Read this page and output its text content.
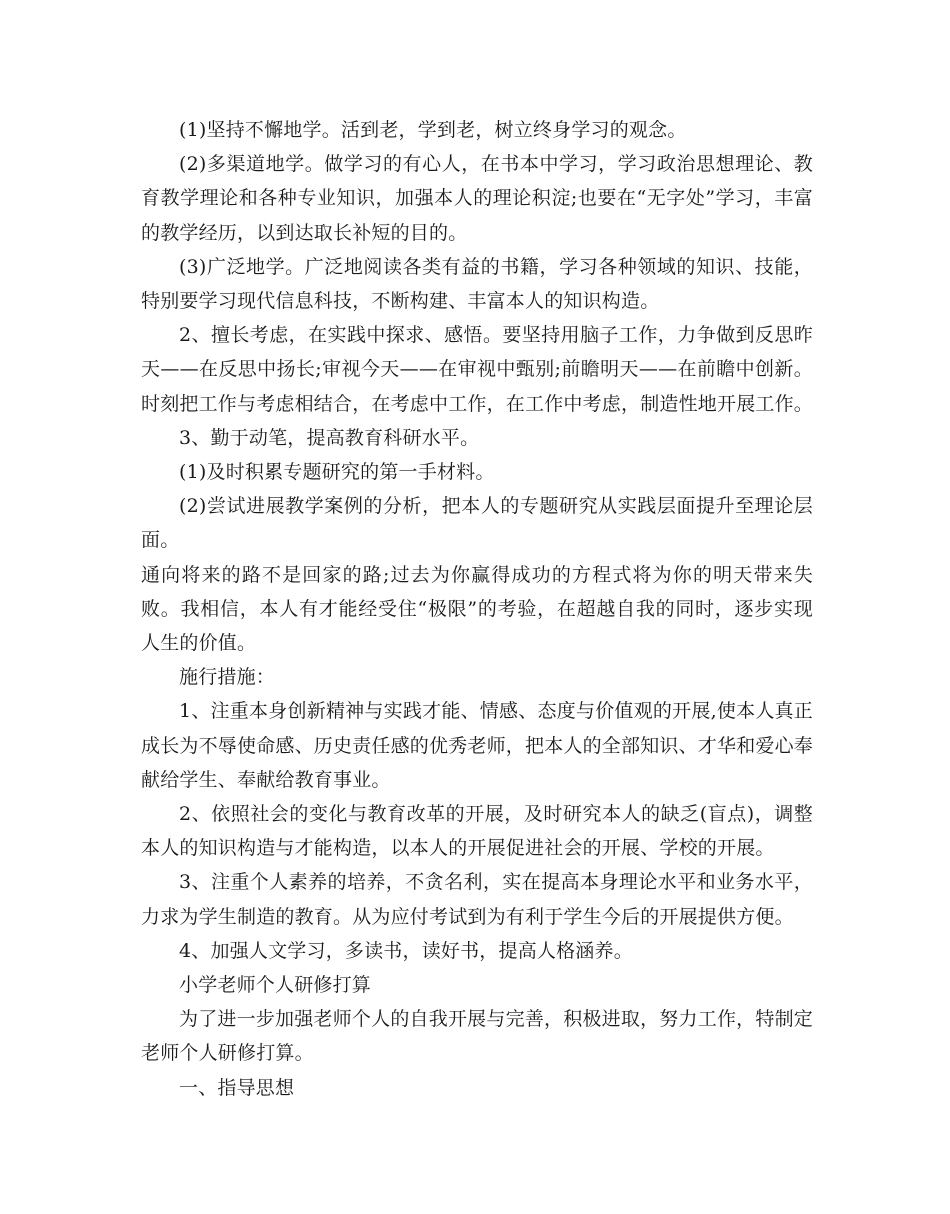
(1)坚持不懈地学。活到老，学到老，树立终身学习的观念。

(2)多渠道地学。做学习的有心人，在书本中学习，学习政治思想理论、教育教学理论和各种专业知识，加强本人的理论积淀;也要在“无字处”学习，丰富的教学经历，以到达取长补短的目的。

(3)广泛地学。广泛地阅读各类有益的书籍，学习各种领域的知识、技能，特别要学习现代信息科技，不断构建、丰富本人的知识构造。

2、擅长考虑，在实践中探求、感悟。要坚持用脑子工作，力争做到反思昨天——在反思中扬长;审视今天——在审视中甄别;前瞻明天——在前瞻中创新。时刻把工作与考虑相结合，在考虑中工作，在工作中考虑，制造性地开展工作。

3、勤于动笔，提高教育科研水平。

(1)及时积累专题研究的第一手材料。

(2)尝试进展教学案例的分析，把本人的专题研究从实践层面提升至理论层面。

通向将来的路不是回家的路;过去为你赢得成功的方程式将为你的明天带来失败。我相信，本人有才能经受住“极限”的考验，在超越自我的同时，逐步实现人生的价值。

施行措施：

1、注重本身创新精神与实践才能、情感、态度与价值观的开展,使本人真正成长为不辱使命感、历史责任感的优秀老师，把本人的全部知识、才华和爱心奉献给学生、奉献给教育事业。

2、依照社会的变化与教育改革的开展，及时研究本人的缺乏(盲点)，调整本人的知识构造与才能构造，以本人的开展促进社会的开展、学校的开展。

3、注重个人素养的培养，不贪名利，实在提高本身理论水平和业务水平，力求为学生制造的教育。从为应付考试到为有利于学生今后的开展提供方便。

4、加强人文学习，多读书，读好书，提高人格涵养。

小学老师个人研修打算

为了进一步加强老师个人的自我开展与完善，积极进取，努力工作，特制定老师个人研修打算。

一、指导思想
